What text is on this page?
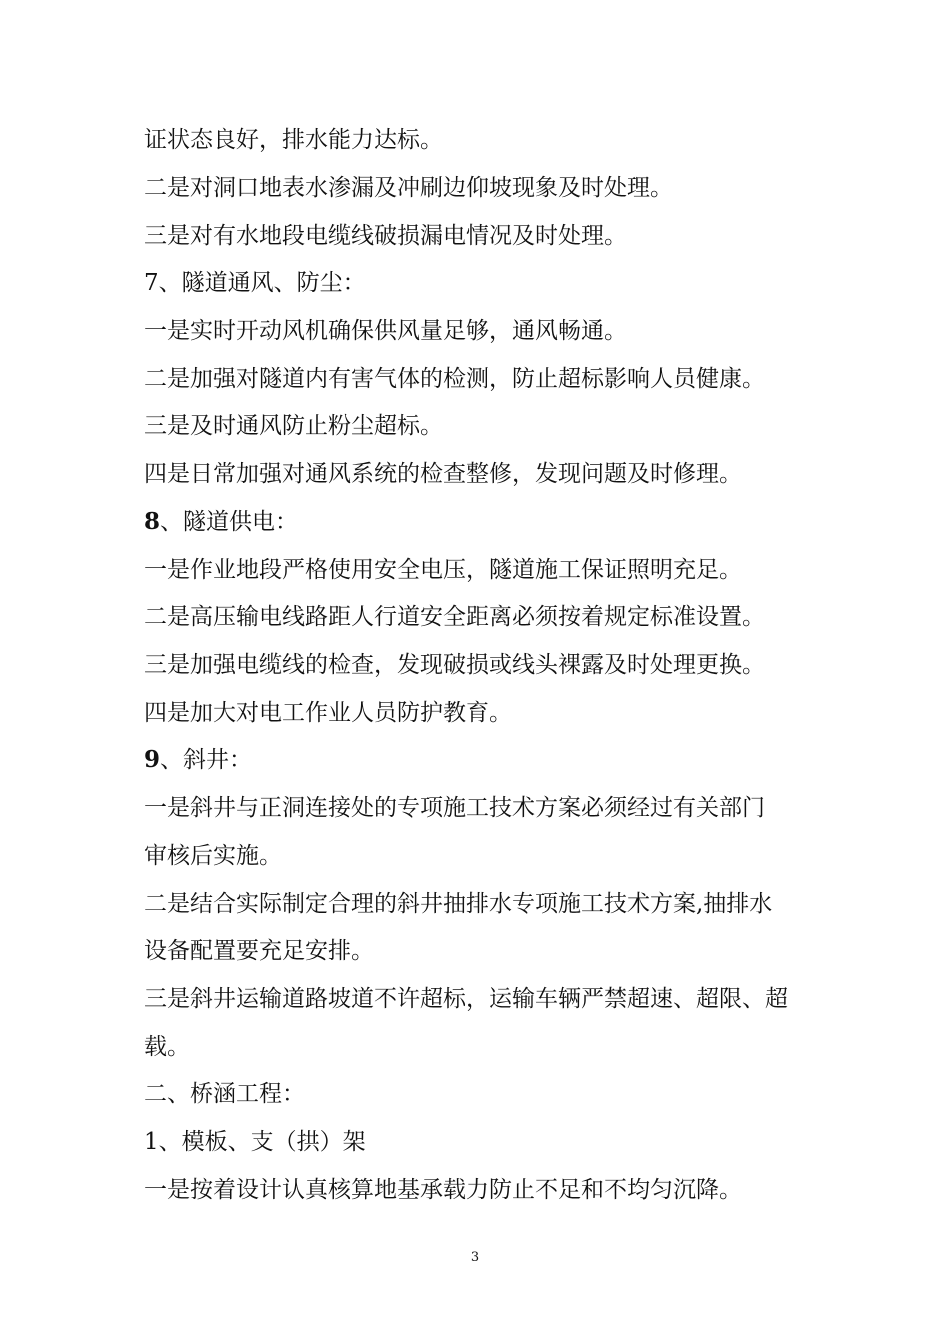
证状态良好，排水能力达标。
二是对洞口地表水渗漏及冲刷边仰坡现象及时处理。
三是对有水地段电缆线破损漏电情况及时处理。
7、隧道通风、防尘：
一是实时开动风机确保供风量足够，通风畅通。
二是加强对隧道内有害气体的检测，防止超标影响人员健康。
三是及时通风防止粉尘超标。
四是日常加强对通风系统的检查整修，发现问题及时修理。
8、隧道供电：
一是作业地段严格使用安全电压，隧道施工保证照明充足。
二是高压输电线路距人行道安全距离必须按着规定标准设置。
三是加强电缆线的检查，发现破损或线头裸露及时处理更换。
四是加大对电工作业人员防护教育。
9、斜井：
一是斜井与正洞连接处的专项施工技术方案必须经过有关部门
审核后实施。
二是结合实际制定合理的斜井抽排水专项施工技术方案,抽排水
设备配置要充足安排。
三是斜井运输道路坡道不许超标，运输车辆严禁超速、超限、超
载。
二、桥涵工程：
1、模板、支（拱）架
一是按着设计认真核算地基承载力防止不足和不均匀沉降。
3
